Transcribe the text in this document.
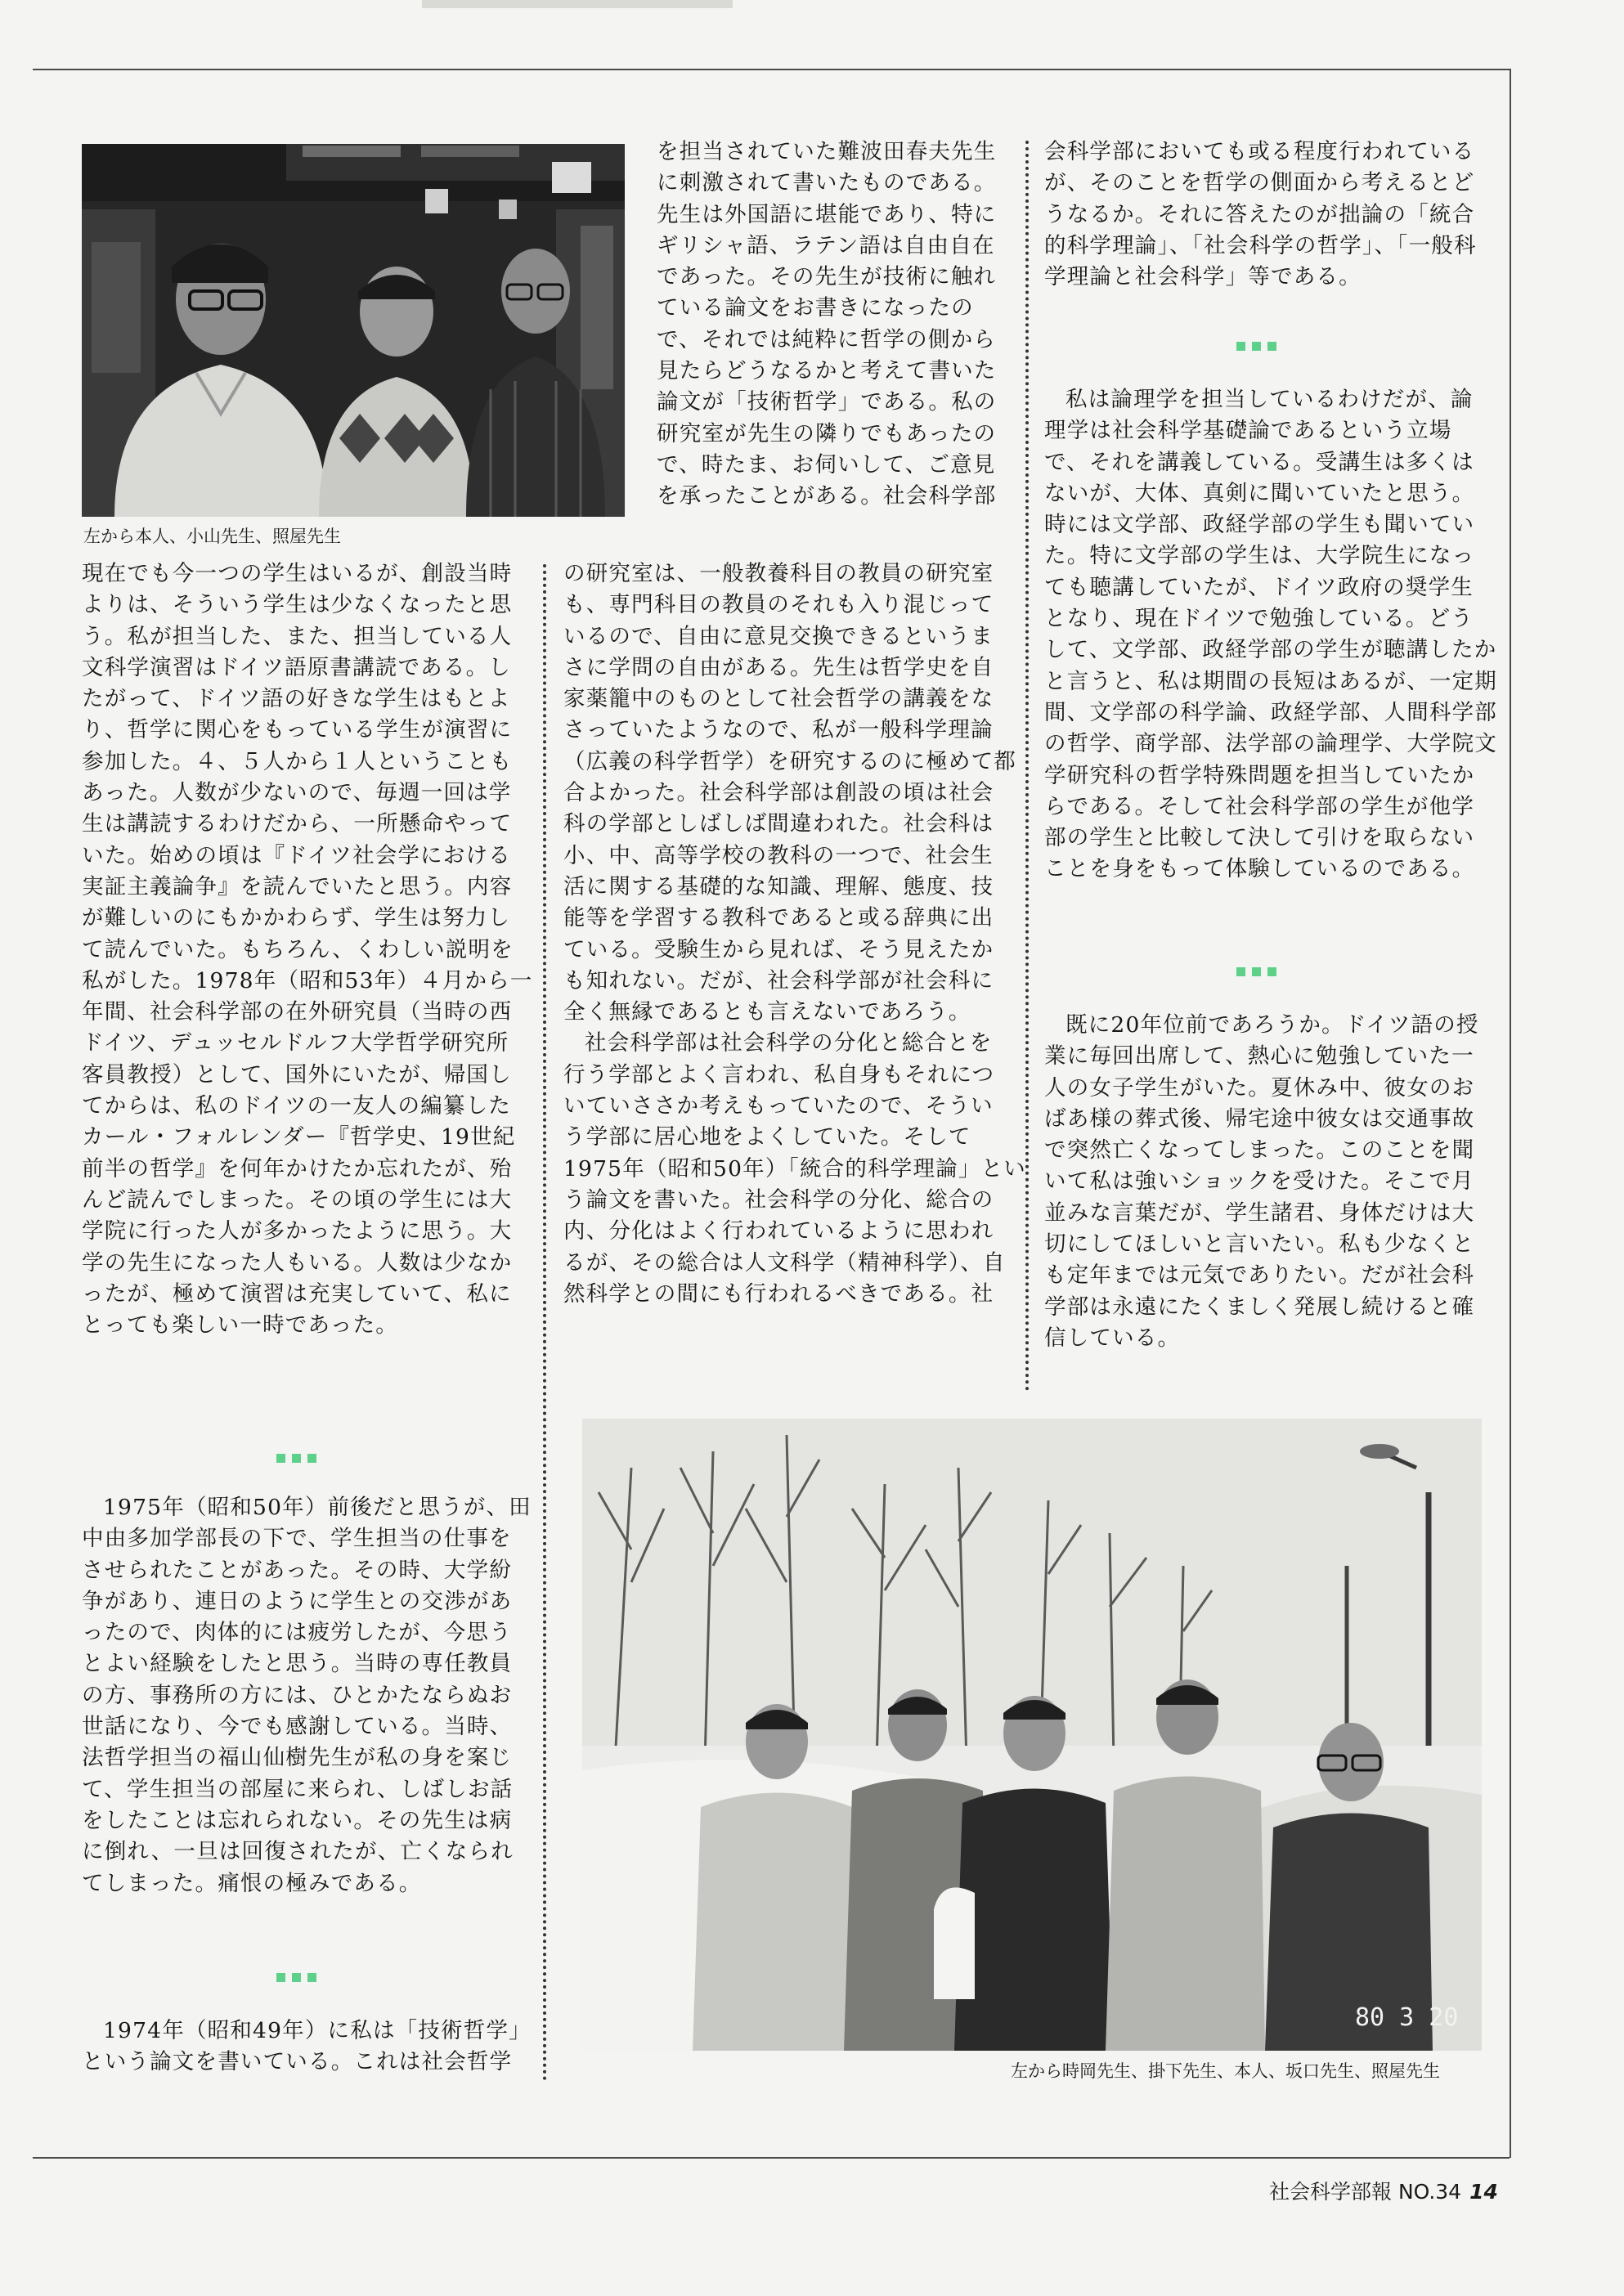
左から本人、小山先生、照屋先生

現在でも今一つの学生はいるが、創設当時

よりは、そういう学生は少なくなったと思

う。私が担当した、また、担当している人

文科学演習はドイツ語原書講読である。し

たがって、ドイツ語の好きな学生はもとよ

り、哲学に関心をもっている学生が演習に

参加した。４、５人から１人ということも

あった。人数が少ないので、毎週一回は学

生は講読するわけだから、一所懸命やって

いた。始めの頃は『ドイツ社会学における

実証主義論争』を読んでいたと思う。内容

が難しいのにもかかわらず、学生は努力し

て読んでいた。もちろん、くわしい説明を

私がした。1978年（昭和53年）４月から一

年間、社会科学部の在外研究員（当時の西

ドイツ、デュッセルドルフ大学哲学研究所

客員教授）として、国外にいたが、帰国し

てからは、私のドイツの一友人の編纂した

カール・フォルレンダー『哲学史、19世紀

前半の哲学』を何年かけたか忘れたが、殆

んど読んでしまった。その頃の学生には大

学院に行った人が多かったように思う。大

学の先生になった人もいる。人数は少なか

ったが、極めて演習は充実していて、私に

とっても楽しい一時であった。

1975年（昭和50年）前後だと思うが、田

中由多加学部長の下で、学生担当の仕事を

させられたことがあった。その時、大学紛

争があり、連日のように学生との交渉があ

ったので、肉体的には疲労したが、今思う

とよい経験をしたと思う。当時の専任教員

の方、事務所の方には、ひとかたならぬお

世話になり、今でも感謝している。当時、

法哲学担当の福山仙樹先生が私の身を案じ

て、学生担当の部屋に来られ、しばしお話

をしたことは忘れられない。その先生は病

に倒れ、一旦は回復されたが、亡くなられ

てしまった。痛恨の極みである。

1974年（昭和49年）に私は「技術哲学」

という論文を書いている。これは社会哲学

を担当されていた難波田春夫先生

に刺激されて書いたものである。

先生は外国語に堪能であり、特に

ギリシャ語、ラテン語は自由自在

であった。その先生が技術に触れ

ている論文をお書きになったの

で、それでは純粋に哲学の側から

見たらどうなるかと考えて書いた

論文が「技術哲学」である。私の

研究室が先生の隣りでもあったの

で、時たま、お伺いして、ご意見

を承ったことがある。社会科学部

の研究室は、一般教養科目の教員の研究室

も、専門科目の教員のそれも入り混じって

いるので、自由に意見交換できるというま

さに学問の自由がある。先生は哲学史を自

家薬籠中のものとして社会哲学の講義をな

さっていたようなので、私が一般科学理論

（広義の科学哲学）を研究するのに極めて都

合よかった。社会科学部は創設の頃は社会

科の学部としばしば間違われた。社会科は

小、中、高等学校の教科の一つで、社会生

活に関する基礎的な知識、理解、態度、技

能等を学習する教科であると或る辞典に出

ている。受験生から見れば、そう見えたか

も知れない。だが、社会科学部が社会科に

全く無縁であるとも言えないであろう。

社会科学部は社会科学の分化と総合とを

行う学部とよく言われ、私自身もそれにつ

いていささか考えもっていたので、そうい

う学部に居心地をよくしていた。そして

1975年（昭和50年）「統合的科学理論」とい

う論文を書いた。社会科学の分化、総合の

内、分化はよく行われているように思われ

るが、その総合は人文科学（精神科学）、自

然科学との間にも行われるべきである。社

会科学部においても或る程度行われている

が、そのことを哲学の側面から考えるとど

うなるか。それに答えたのが拙論の「統合

的科学理論」、「社会科学の哲学」、「一般科

学理論と社会科学」等である。

私は論理学を担当しているわけだが、論

理学は社会科学基礎論であるという立場

で、それを講義している。受講生は多くは

ないが、大体、真剣に聞いていたと思う。

時には文学部、政経学部の学生も聞いてい

た。特に文学部の学生は、大学院生になっ

ても聴講していたが、ドイツ政府の奨学生

となり、現在ドイツで勉強している。どう

して、文学部、政経学部の学生が聴講したか

と言うと、私は期間の長短はあるが、一定期

間、文学部の科学論、政経学部、人間科学部

の哲学、商学部、法学部の論理学、大学院文

学研究科の哲学特殊問題を担当していたか

らである。そして社会科学部の学生が他学

部の学生と比較して決して引けを取らない

ことを身をもって体験しているのである。

既に20年位前であろうか。ドイツ語の授

業に毎回出席して、熱心に勉強していた一

人の女子学生がいた。夏休み中、彼女のお

ばあ様の葬式後、帰宅途中彼女は交通事故

で突然亡くなってしまった。このことを聞

いて私は強いショックを受けた。そこで月

並みな言葉だが、学生諸君、身体だけは大

切にしてほしいと言いたい。私も少なくと

も定年までは元気でありたい。だが社会科

学部は永遠にたくましく発展し続けると確

信している。

80 3 20
左から時岡先生、掛下先生、本人、坂口先生、照屋先生
社会科学部報 NO.34 14
